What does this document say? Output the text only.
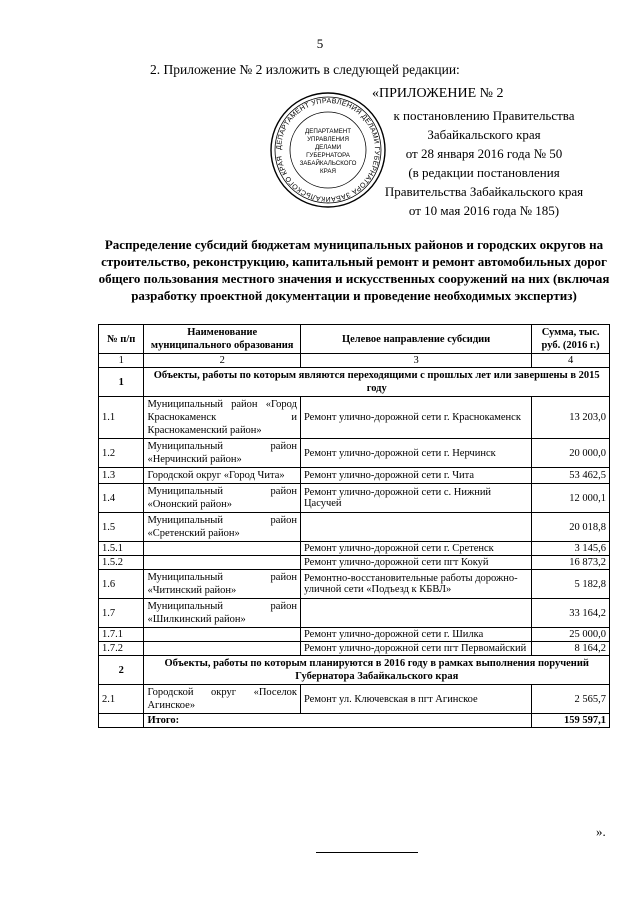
5
2. Приложение № 2 изложить в следующей редакции:
ДЕПАРТАМЕНТ УПРАВЛЕНИЯ ДЕЛАМИ ГУБЕРНАТОРА ЗАБАЙКАЛЬСКОГО КРАЯ
ДЕПАРТАМЕНТ
УПРАВЛЕНИЯ
ДЕЛАМИ
ГУБЕРНАТОРА
ЗАБАЙКАЛЬСКОГО
КРАЯ
«ПРИЛОЖЕНИЕ № 2
к постановлению Правительства
Забайкальского края
от 28 января 2016 года № 50
(в редакции постановления
Правительства Забайкальского края
от 10 мая 2016 года № 185)
Распределение субсидий бюджетам муниципальных районов и городских округов на строительство, реконструкцию, капитальный ремонт и ремонт автомобильных дорог общего пользования местного значения и искусственных сооружений на них (включая разработку проектной документации и проведение необходимых экспертиз)
№ п/п	Наименование муниципального образования	Целевое направление субсидии	Сумма, тыс. руб. (2016 г.)
1	2	3	4
1	Объекты, работы по которым являются переходящими с прошлых лет или завершены в 2015 году		
1.1	Муниципальный район «Город Краснокаменск и Краснокаменский район»	Ремонт улично-дорожной сети г. Краснокаменск	13 203,0
1.2	Муниципальный район «Нерчинский район»	Ремонт улично-дорожной сети г. Нерчинск	20 000,0
1.3	Городской округ «Город Чита»	Ремонт улично-дорожной сети г. Чита	53 462,5
1.4	Муниципальный район «Ононский район»	Ремонт улично-дорожной сети с. Нижний Цасучей	12 000,1
1.5	Муниципальный район «Сретенский район»		20 018,8
1.5.1		Ремонт улично-дорожной сети г. Сретенск	3 145,6
1.5.2		Ремонт улично-дорожной сети пгт Кокуй	16 873,2
1.6	Муниципальный район «Читинский район»	Ремонтно-восстановительные работы дорожно-уличной сети «Подъезд к КБВЛ»	5 182,8
1.7	Муниципальный район «Шилкинский район»		33 164,2
1.7.1		Ремонт улично-дорожной сети г. Шилка	25 000,0
1.7.2		Ремонт улично-дорожной сети пгт Первомайский	8 164,2
2	Объекты, работы по которым планируются в 2016 году в рамках выполнения поручений Губернатора Забайкальского края		
2.1	Городской округ «Поселок Агинское»	Ремонт ул. Ключевская в пгт Агинское	2 565,7
	Итого:		159 597,1
».
